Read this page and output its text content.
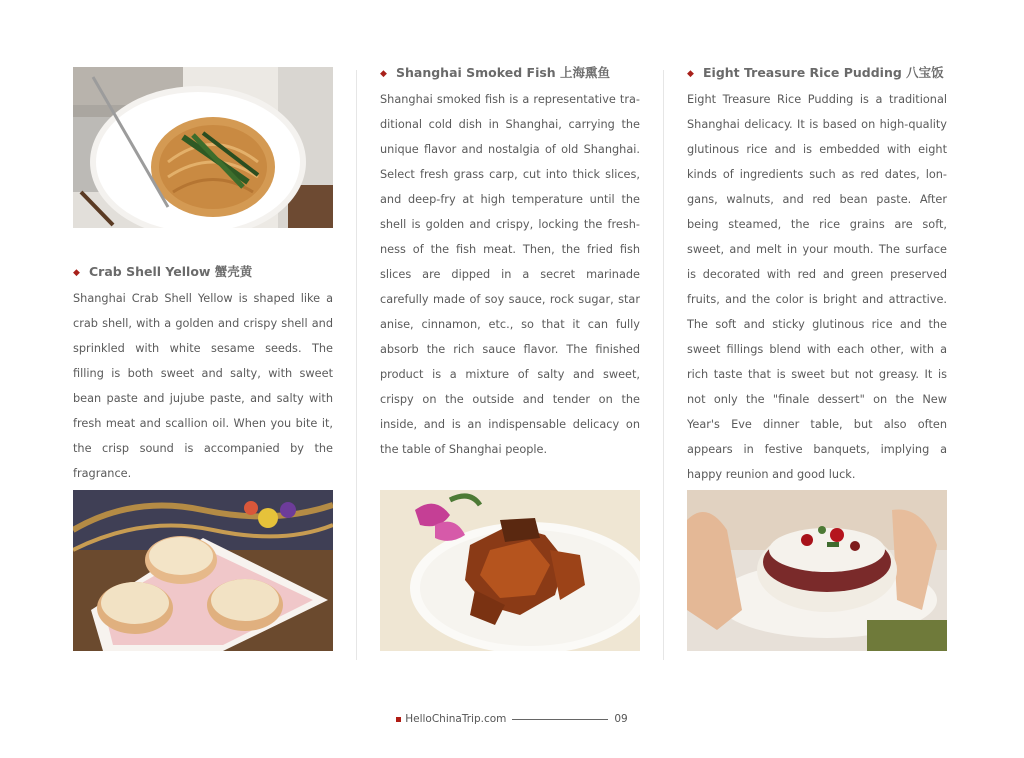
◆ Crab Shell Yellow 蟹壳黄

Shanghai Crab Shell Yellow is shaped like a crab shell, with a golden and crispy shell and sprinkled with white sesame seeds. The filling is both sweet and salty, with sweet bean paste and jujube paste, and salty with fresh meat and scallion oil. When you bite it, the crisp sound is accompanied by the fragrance.

◆ Shanghai Smoked Fish 上海熏鱼

Shanghai smoked fish is a representative traditional cold dish in Shanghai, carrying the unique flavor and nostalgia of old Shanghai. Select fresh grass carp, cut into thick slices, and deep-fry at high temperature until the shell is golden and crispy, locking the freshness of the fish meat. Then, the fried fish slices are dipped in a secret marinade carefully made of soy sauce, rock sugar, star anise, cinnamon, etc., so that it can fully absorb the rich sauce flavor. The finished product is a mixture of salty and sweet, crispy on the outside and tender on the inside, and is an indispensable delicacy on the table of Shanghai people.

◆ Eight Treasure Rice Pudding 八宝饭

Eight Treasure Rice Pudding is a traditional Shanghai delicacy. It is based on high-quality glutinous rice and is embedded with eight kinds of ingredients such as red dates, longans, walnuts, and red bean paste. After being steamed, the rice grains are soft, sweet, and melt in your mouth. The surface is decorated with red and green preserved fruits, and the color is bright and attractive. The soft and sticky glutinous rice and the sweet fillings blend with each other, with a rich taste that is sweet but not greasy. It is not only the "finale dessert" on the New Year's Eve dinner table, but also often appears in festive banquets, implying a happy reunion and good luck.

HelloChinaTrip.com	09
